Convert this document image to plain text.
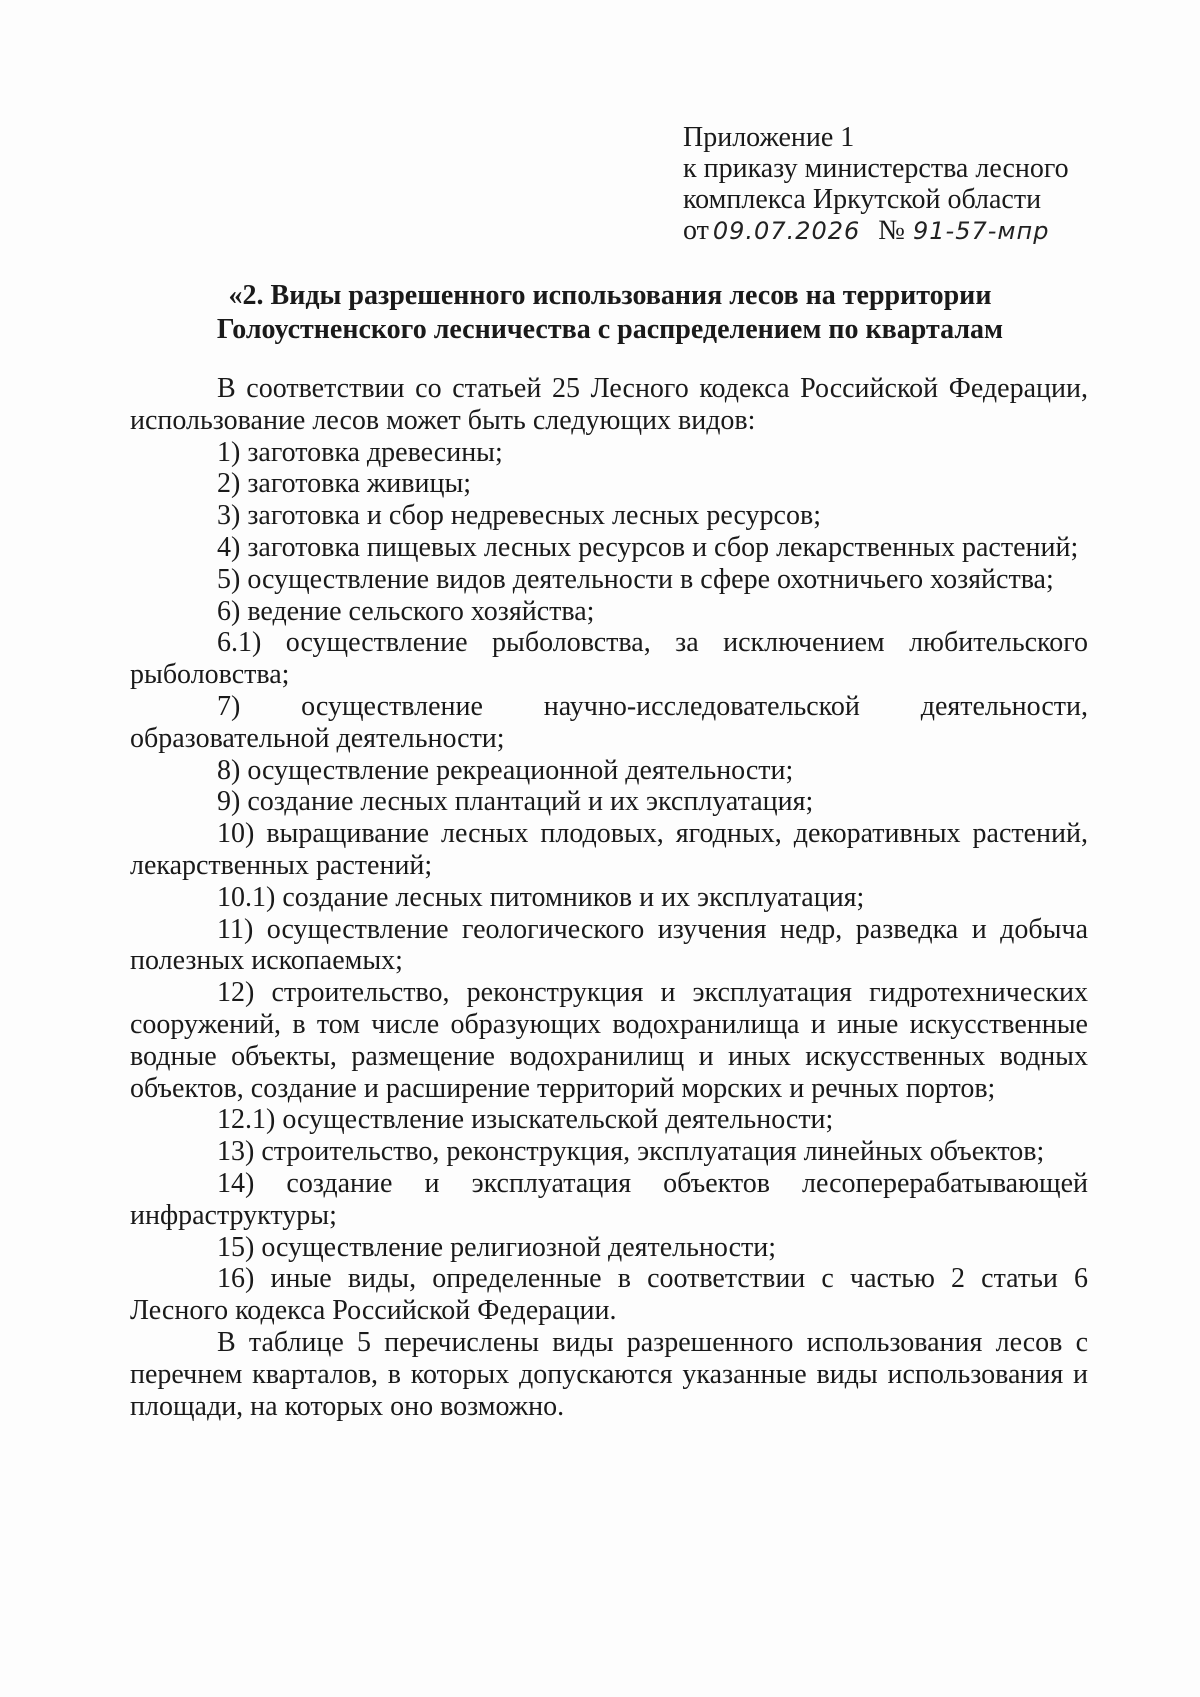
Приложение 1
к приказу министерства лесного
комплекса Иркутской области
от 09.07.2026 № 91-57-мпр
«2. Виды разрешенного использования лесов на территории
Голоустненского лесничества с распределением по кварталам

В соответствии со статьей 25 Лесного кодекса Российской Федерации, использование лесов может быть следующих видов:

1) заготовка древесины;

2) заготовка живицы;

3) заготовка и сбор недревесных лесных ресурсов;

4) заготовка пищевых лесных ресурсов и сбор лекарственных растений;

5) осуществление видов деятельности в сфере охотничьего хозяйства;

6) ведение сельского хозяйства;

6.1) осуществление рыболовства, за исключением любительского рыболовства;

7) осуществление научно-исследовательской деятельности, образовательной деятельности;

8) осуществление рекреационной деятельности;

9) создание лесных плантаций и их эксплуатация;

10) выращивание лесных плодовых, ягодных, декоративных растений, лекарственных растений;

10.1) создание лесных питомников и их эксплуатация;

11) осуществление геологического изучения недр, разведка и добыча полезных ископаемых;

12) строительство, реконструкция и эксплуатация гидротехнических сооружений, в том числе образующих водохранилища и иные искусственные водные объекты, размещение водохранилищ и иных искусственных водных объектов, создание и расширение территорий морских и речных портов;

12.1) осуществление изыскательской деятельности;

13) строительство, реконструкция, эксплуатация линейных объектов;

14) создание и эксплуатация объектов лесоперерабатывающей инфраструктуры;

15) осуществление религиозной деятельности;

16) иные виды, определенные в соответствии с частью 2 статьи 6 Лесного кодекса Российской Федерации.

В таблице 5 перечислены виды разрешенного использования лесов с перечнем кварталов, в которых допускаются указанные виды использования и площади, на которых оно возможно.
